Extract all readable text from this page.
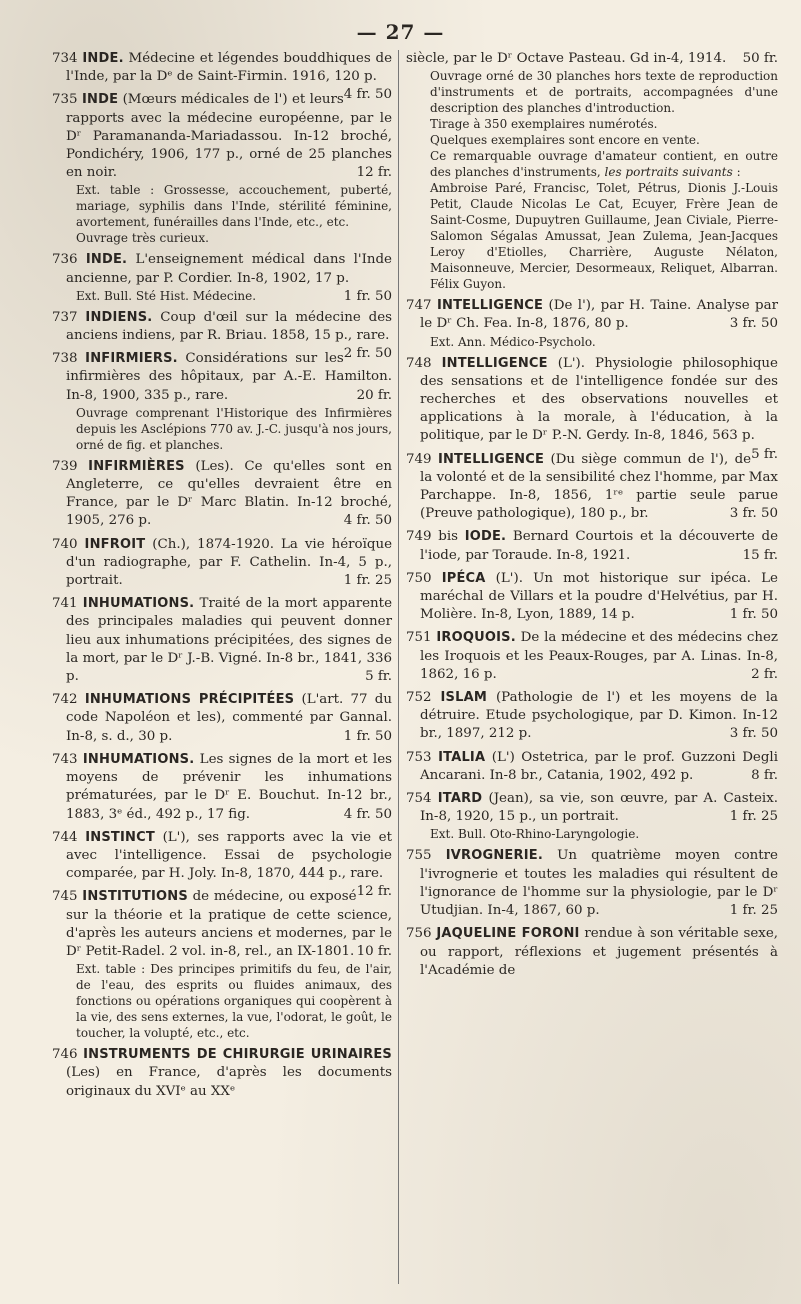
— 27 —
734 INDE. Médecine et légendes bouddhiques de l'Inde, par la Dᵉ de Saint-Firmin. 1916, 120 p.
4 fr. 50
735 INDE (Mœurs médicales de l') et leurs rapports avec la médecine européenne, par le Dʳ Paramananda-Mariadassou. In-12 broché, Pondichéry, 1906, 177 p., orné de 25 planches en noir.	12 fr.
Ext. table : Grossesse, accouchement, puberté, mariage, syphilis dans l'Inde, stérilité féminine, avortement, funérailles dans l'Inde, etc., etc.
Ouvrage très curieux.
736 INDE. L'enseignement médical dans l'Inde ancienne, par P. Cordier. In-8, 1902, 17 p.
1 fr. 50
Ext. Bull. Sté Hist. Médecine.
737 INDIENS. Coup d'œil sur la médecine des anciens indiens, par R. Briau. 1858, 15 p., rare.
2 fr. 50
738 INFIRMIERS. Considérations sur les infirmières des hôpitaux, par A.-E. Hamilton. In-8, 1900, 335 p., rare.	20 fr.
Ouvrage comprenant l'Historique des Infirmières depuis les Asclépions 770 av. J.-C. jusqu'à nos jours, orné de fig. et planches.
739 INFIRMIÈRES (Les). Ce qu'elles sont en Angleterre, ce qu'elles devraient être en France, par le Dʳ Marc Blatin. In-12 broché, 1905, 276 p.	4 fr. 50
740 INFROIT (Ch.), 1874-1920. La vie héroïque d'un radiographe, par F. Cathelin. In-4, 5 p., portrait.	1 fr. 25
741 INHUMATIONS. Traité de la mort apparente des principales maladies qui peuvent donner lieu aux inhumations précipitées, des signes de la mort, par le Dʳ J.-B. Vigné. In-8 br., 1841, 336 p.	5 fr.
742 INHUMATIONS PRÉCIPITÉES (L'art. 77 du code Napoléon et les), commenté par Gannal. In-8, s. d., 30 p.	1 fr. 50
743 INHUMATIONS. Les signes de la mort et les moyens de prévenir les inhumations prématurées, par le Dʳ E. Bouchut. In-12 br., 1883, 3ᵉ éd., 492 p., 17 fig.	4 fr. 50
744 INSTINCT (L'), ses rapports avec la vie et avec l'intelligence. Essai de psychologie comparée, par H. Joly. In-8, 1870, 444 p., rare.
12 fr.
745 INSTITUTIONS de médecine, ou exposé sur la théorie et la pratique de cette science, d'après les auteurs anciens et modernes, par le Dʳ Petit-Radel. 2 vol. in-8, rel., an IX-1801. 10 fr.
Ext. table : Des principes primitifs du feu, de l'air, de l'eau, des esprits ou fluides animaux, des fonctions ou opérations organiques qui coopèrent à la vie, des sens externes, la vue, l'odorat, le goût, le toucher, la volupté, etc., etc.
746 INSTRUMENTS DE CHIRURGIE URINAIRES (Les) en France, d'après les documents originaux du XVIᵉ au XXᵉ
siècle, par le Dʳ Octave Pasteau. Gd in-4, 1914. 50 fr.
Ouvrage orné de 30 planches hors texte de reproduction d'instruments et de portraits, accompagnées d'une description des planches d'introduction.
Tirage à 350 exemplaires numérotés.
Quelques exemplaires sont encore en vente.
Ce remarquable ouvrage d'amateur contient, en outre des planches d'instruments, les portraits suivants :
Ambroise Paré, Francisc, Tolet, Pétrus, Dionis J.-Louis Petit, Claude Nicolas Le Cat, Ecuyer, Frère Jean de Saint-Cosme, Dupuytren Guillaume, Jean Civiale, Pierre-Salomon Ségalas Amussat, Jean Zulema, Jean-Jacques Leroy d'Etiolles, Charrière, Auguste Nélaton, Maisonneuve, Mercier, Desormeaux, Reliquet, Albarran. Félix Guyon.
747 INTELLIGENCE (De l'), par H. Taine. Analyse par le Dʳ Ch. Fea. In-8, 1876, 80 p.	3 fr. 50
Ext. Ann. Médico-Psycholo.
748 INTELLIGENCE (L'). Physiologie philosophique des sensations et de l'intelligence fondée sur des recherches et des observations nouvelles et applications à la morale, à l'éducation, à la politique, par le Dʳ P.-N. Gerdy. In-8, 1846, 563 p.
5 fr.
749 INTELLIGENCE (Du siège commun de l'), de la volonté et de la sensibilité chez l'homme, par Max Parchappe. In-8, 1856, 1ʳᵉ partie seule parue (Preuve pathologique), 180 p., br.	3 fr. 50
749 bis IODE. Bernard Courtois et la découverte de l'iode, par Toraude. In-8, 1921.	15 fr.
750 IPÉCA (L'). Un mot historique sur ipéca. Le maréchal de Villars et la poudre d'Helvétius, par H. Molière. In-8, Lyon, 1889, 14 p.	1 fr. 50
751 IROQUOIS. De la médecine et des médecins chez les Iroquois et les Peaux-Rouges, par A. Linas. In-8, 1862, 16 p.	2 fr.
752 ISLAM (Pathologie de l') et les moyens de la détruire. Etude psychologique, par D. Kimon. In-12 br., 1897, 212 p.	3 fr. 50
753 ITALIA (L') Ostetrica, par le prof. Guzzoni Degli Ancarani. In-8 br., Catania, 1902, 492 p.	8 fr.
754 ITARD (Jean), sa vie, son œuvre, par A. Casteix. In-8, 1920, 15 p., un portrait.	1 fr. 25
Ext. Bull. Oto-Rhino-Laryngologie.
755 IVROGNERIE. Un quatrième moyen contre l'ivrognerie et toutes les maladies qui résultent de l'ignorance de l'homme sur la physiologie, par le Dʳ Utudjian. In-4, 1867, 60 p.	1 fr. 25
756 JAQUELINE FORONI rendue à son véritable sexe, ou rapport, réflexions et jugement présentés à l'Académie de
